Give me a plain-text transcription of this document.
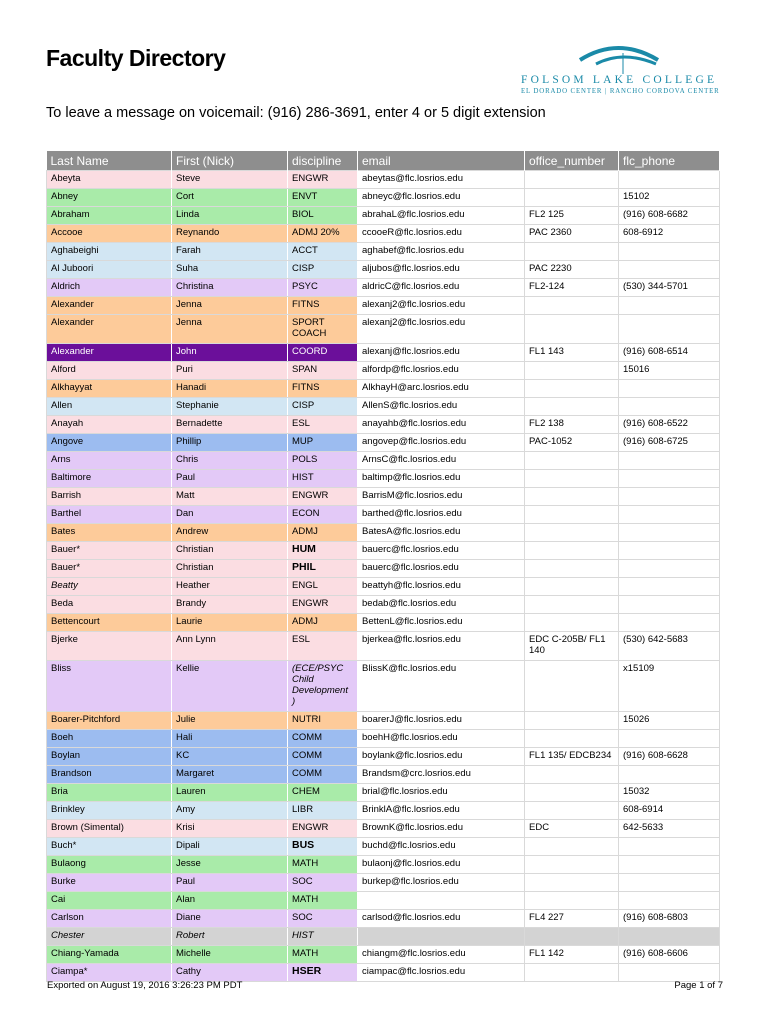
Faculty Directory
FOLSOM LAKE COLLEGE
EL DORADO CENTER | RANCHO CORDOVA CENTER
To leave a message on voicemail: (916) 286-3691, enter 4 or 5 digit extension
Last Name	First (Nick)	discipline	email	office_number	flc_phone
Abeyta	Steve	ENGWR	abeytas@flc.losrios.edu		
Abney	Cort	ENVT	abneyc@flc.losrios.edu		15102
Abraham	Linda	BIOL	abrahaL@flc.losrios.edu	FL2 125	(916) 608-6682
Accooe	Reynando	ADMJ 20%	ccooeR@flc.losrios.edu	PAC 2360	608-6912
Aghabeighi	Farah	ACCT	aghabef@flc.losrios.edu		
Al Juboori	Suha	CISP	aljubos@flc.losrios.edu	PAC 2230	
Aldrich	Christina	PSYC	aldricC@flc.losrios.edu	FL2-124	(530) 344-5701
Alexander	Jenna	FITNS	alexanj2@flc.losrios.edu		
Alexander	Jenna	SPORT COACH	alexanj2@flc.losrios.edu		
Alexander	John	COORD	alexanj@flc.losrios.edu	FL1 143	(916) 608-6514
Alford	Puri	SPAN	alfordp@flc.losrios.edu		15016
Alkhayyat	Hanadi	FITNS	AlkhayH@arc.losrios.edu		
Allen	Stephanie	CISP	AllenS@flc.losrios.edu		
Anayah	Bernadette	ESL	anayahb@flc.losrios.edu	FL2 138	(916) 608-6522
Angove	Phillip	MUP	angovep@flc.losrios.edu	PAC-1052	(916) 608-6725
Arns	Chris	POLS	ArnsC@flc.losrios.edu		
Baltimore	Paul	HIST	baltimp@flc.losrios.edu		
Barrish	Matt	ENGWR	BarrisM@flc.losrios.edu		
Barthel	Dan	ECON	barthed@flc.losrios.edu		
Bates	Andrew	ADMJ	BatesA@flc.losrios.edu		
Bauer*	Christian	HUM	bauerc@flc.losrios.edu		
Bauer*	Christian	PHIL	bauerc@flc.losrios.edu		
Beatty	Heather	ENGL	beattyh@flc.losrios.edu		
Beda	Brandy	ENGWR	bedab@flc.losrios.edu		
Bettencourt	Laurie	ADMJ	BettenL@flc.losrios.edu		
Bjerke	Ann Lynn	ESL	bjerkea@flc.losrios.edu	EDC C-205B/ FL1 140	(530) 642-5683
Bliss	Kellie	(ECE/PSYC Child Development )	BlissK@flc.losrios.edu		x15109
Boarer-Pitchford	Julie	NUTRI	boarerJ@flc.losrios.edu		15026
Boeh	Hali	COMM	boehH@flc.losrios.edu		
Boylan	KC	COMM	boylank@flc.losrios.edu	FL1 135/ EDCB234	(916) 608-6628
Brandson	Margaret	COMM	Brandsm@crc.losrios.edu		
Bria	Lauren	CHEM	brial@flc.losrios.edu		15032
Brinkley	Amy	LIBR	BrinklA@flc.losrios.edu		608-6914
Brown (Simental)	Krisi	ENGWR	BrownK@flc.losrios.edu	EDC	642-5633
Buch*	Dipali	BUS	buchd@flc.losrios.edu		
Bulaong	Jesse	MATH	bulaonj@flc.losrios.edu		
Burke	Paul	SOC	burkep@flc.losrios.edu		
Cai	Alan	MATH			
Carlson	Diane	SOC	carlsod@flc.losrios.edu	FL4 227	(916) 608-6803
Chester	Robert	HIST			
Chiang-Yamada	Michelle	MATH	chiangm@flc.losrios.edu	FL1 142	(916) 608-6606
Ciampa*	Cathy	HSER	ciampac@flc.losrios.edu		
Exported on August 19, 2016 3:26:23 PM PDT	Page 1 of 7
